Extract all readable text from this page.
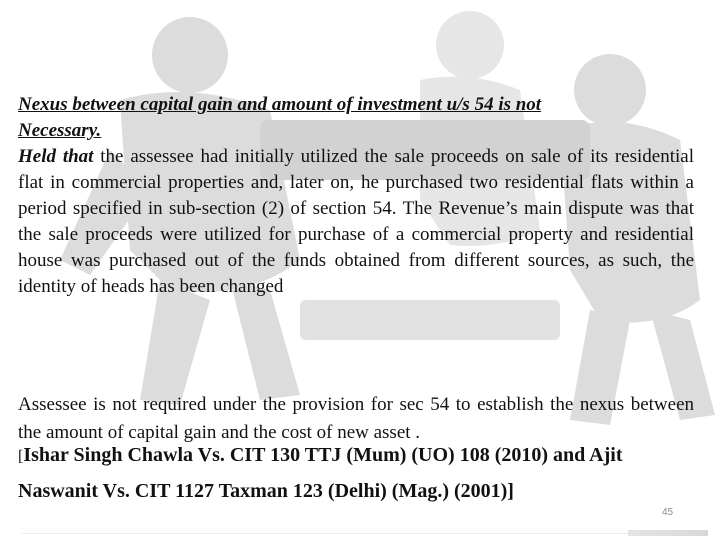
Nexus between capital gain and amount of investment u/s 54 is not
Necessary.

Held that the assessee had initially utilized the sale proceeds on sale of its residential flat in commercial properties and, later on, he purchased two residential flats within a period specified in sub-section (2) of section 54. The Revenue’s main dispute was that the sale proceeds were utilized for purchase of a commercial property and residential house was purchased out of the funds obtained from different sources, as such, the identity of heads has been changed

Assessee is not required under the provision for sec 54 to establish the nexus between the amount of capital gain and the cost of new asset .

[Ishar Singh Chawla Vs. CIT 130 TTJ (Mum) (UO) 108 (2010) and Ajit
Naswanit Vs. CIT 1127 Taxman 123 (Delhi) (Mag.) (2001)]
45
